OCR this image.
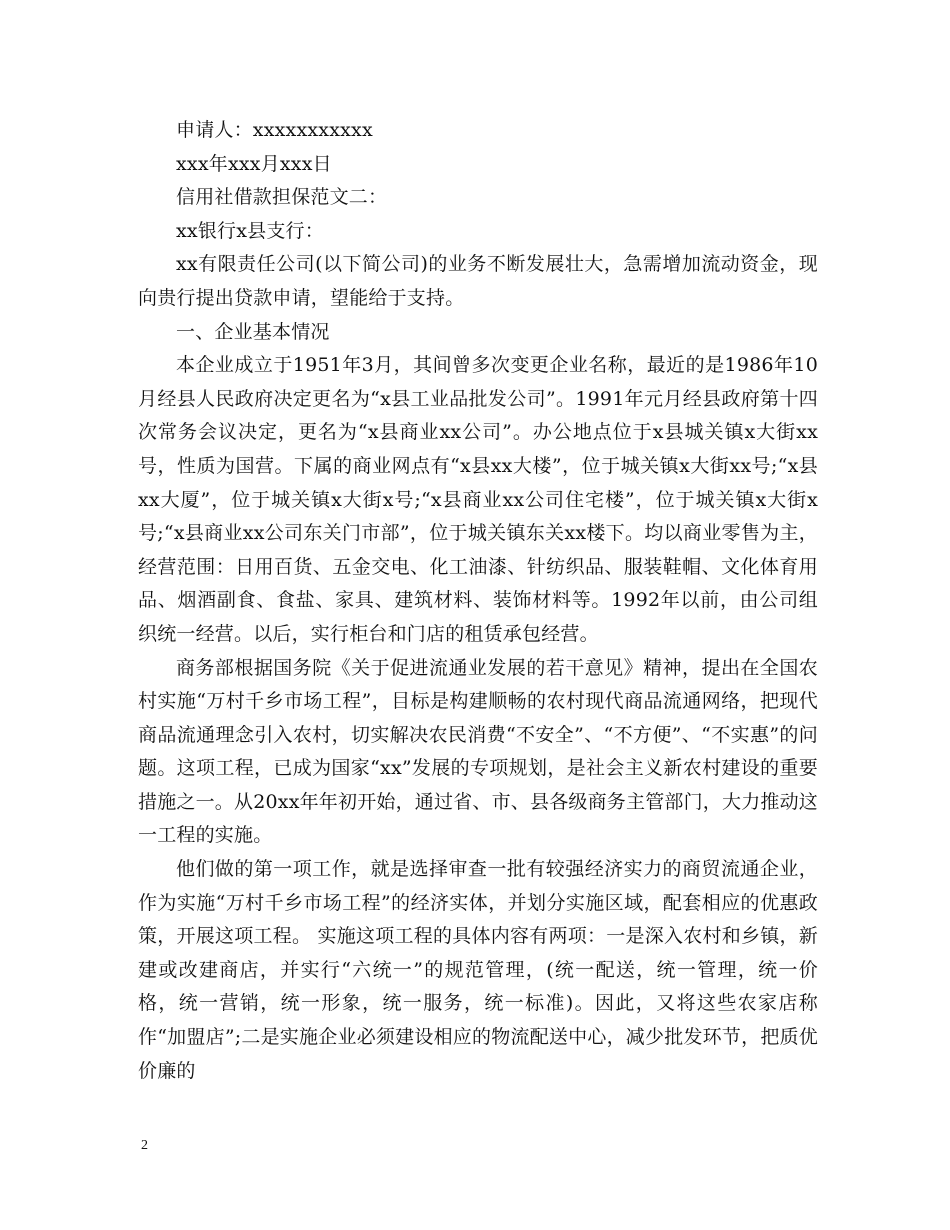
申请人：xxxxxxxxxxx

xxx年xxx月xxx日

信用社借款担保范文二：

xx银行x县支行：

xx有限责任公司(以下简公司)的业务不断发展壮大，急需增加流动资金，现向贵行提出贷款申请，望能给于支持。

一、企业基本情况

本企业成立于1951年3月，其间曾多次变更企业名称，最近的是1986年10月经县人民政府决定更名为“x县工业品批发公司”。1991年元月经县政府第十四次常务会议决定，更名为“x县商业xx公司”。办公地点位于x县城关镇x大街xx号，性质为国营。下属的商业网点有“x县xx大楼”，位于城关镇x大街xx号;“x县xx大厦”，位于城关镇x大街x号;“x县商业xx公司住宅楼”，位于城关镇x大街x号;“x县商业xx公司东关门市部”，位于城关镇东关xx楼下。均以商业零售为主，经营范围：日用百货、五金交电、化工油漆、针纺织品、服装鞋帽、文化体育用品、烟酒副食、食盐、家具、建筑材料、装饰材料等。1992年以前，由公司组织统一经营。以后，实行柜台和门店的租赁承包经营。

商务部根据国务院《关于促进流通业发展的若干意见》精神，提出在全国农村实施“万村千乡市场工程”，目标是构建顺畅的农村现代商品流通网络，把现代商品流通理念引入农村，切实解决农民消费“不安全”、“不方便”、“不实惠”的问题。这项工程，已成为国家“xx”发展的专项规划，是社会主义新农村建设的重要措施之一。从20xx年年初开始，通过省、市、县各级商务主管部门，大力推动这一工程的实施。

他们做的第一项工作，就是选择审查一批有较强经济实力的商贸流通企业，作为实施“万村千乡市场工程”的经济实体，并划分实施区域，配套相应的优惠政策，开展这项工程。 实施这项工程的具体内容有两项：一是深入农村和乡镇，新建或改建商店，并实行“六统一”的规范管理，(统一配送，统一管理，统一价格，统一营销，统一形象，统一服务，统一标准)。因此，又将这些农家店称作“加盟店”;二是实施企业必须建设相应的物流配送中心，减少批发环节，把质优价廉的

2
